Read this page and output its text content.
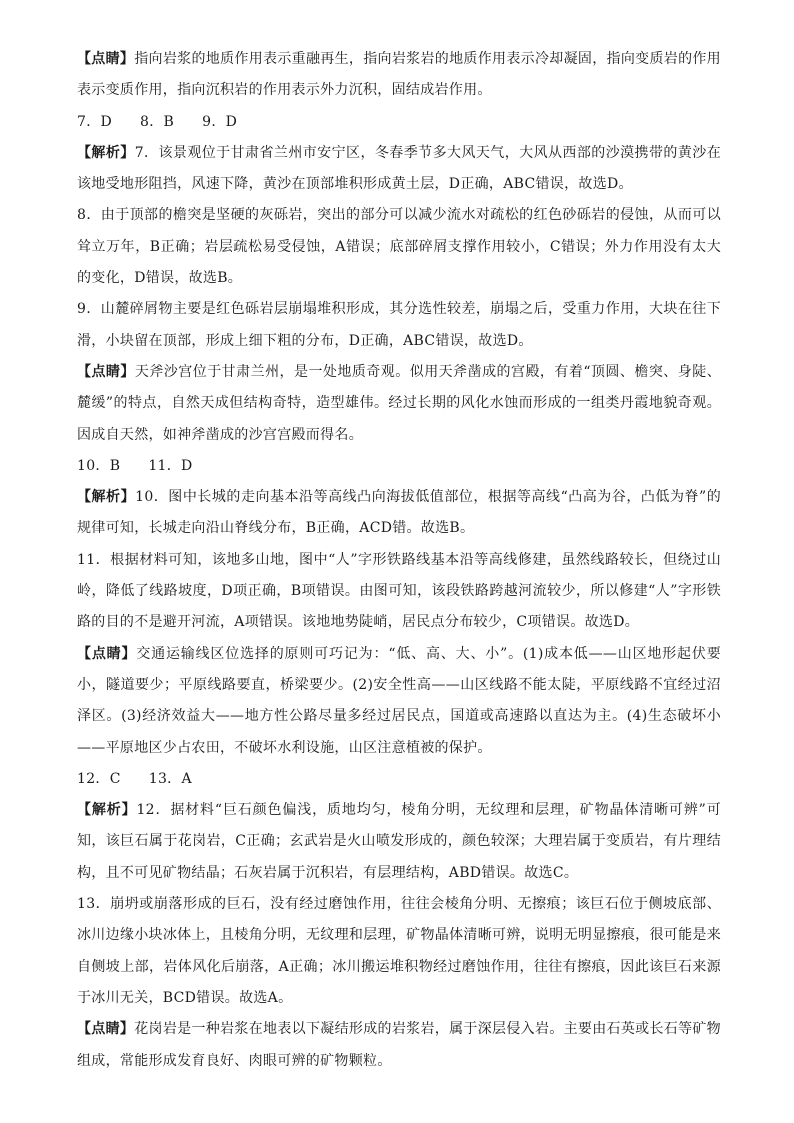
【点睛】指向岩浆的地质作用表示重融再生，指向岩浆岩的地质作用表示冷却凝固，指向变质岩的作用表示变质作用，指向沉积岩的作用表示外力沉积，固结成岩作用。

7．D 8．B 9．D

【解析】7．该景观位于甘肃省兰州市安宁区，冬春季节多大风天气，大风从西部的沙漠携带的黄沙在该地受地形阻挡，风速下降，黄沙在顶部堆积形成黄土层，D正确，ABC错误，故选D。

8．由于顶部的檐突是坚硬的灰砾岩，突出的部分可以减少流水对疏松的红色砂砾岩的侵蚀，从而可以耸立万年，B正确；岩层疏松易受侵蚀，A错误；底部碎屑支撑作用较小，C错误；外力作用没有太大的变化，D错误，故选B。

9．山麓碎屑物主要是红色砾岩层崩塌堆积形成，其分选性较差，崩塌之后，受重力作用，大块在往下滑，小块留在顶部，形成上细下粗的分布，D正确，ABC错误，故选D。

【点睛】天斧沙宫位于甘肃兰州，是一处地质奇观。似用天斧凿成的宫殿，有着“顶圆、檐突、身陡、麓缓”的特点，自然天成但结构奇特，造型雄伟。经过长期的风化水蚀而形成的一组类丹霞地貌奇观。因成自天然，如神斧凿成的沙宫宫殿而得名。

10．B 11．D

【解析】10．图中长城的走向基本沿等高线凸向海拔低值部位，根据等高线“凸高为谷，凸低为脊”的规律可知，长城走向沿山脊线分布，B正确，ACD错。故选B。

11．根据材料可知，该地多山地，图中“人”字形铁路线基本沿等高线修建，虽然线路较长，但绕过山岭，降低了线路坡度，D项正确，B项错误。由图可知，该段铁路跨越河流较少，所以修建“人”字形铁路的目的不是避开河流，A项错误。该地地势陡峭，居民点分布较少，C项错误。故选D。

【点睛】交通运输线区位选择的原则可巧记为：“低、高、大、小”。(1)成本低——山区地形起伏要小，隧道要少；平原线路要直，桥梁要少。(2)安全性高——山区线路不能太陡，平原线路不宜经过沼泽区。(3)经济效益大——地方性公路尽量多经过居民点，国道或高速路以直达为主。(4)生态破坏小——平原地区少占农田，不破坏水利设施，山区注意植被的保护。

12．C 13．A

【解析】12．据材料“巨石颜色偏浅，质地均匀，棱角分明，无纹理和层理，矿物晶体清晰可辨”可知，该巨石属于花岗岩，C正确；玄武岩是火山喷发形成的，颜色较深；大理岩属于变质岩，有片理结构，且不可见矿物结晶；石灰岩属于沉积岩，有层理结构，ABD错误。故选C。

13．崩坍或崩落形成的巨石，没有经过磨蚀作用，往往会棱角分明、无擦痕；该巨石位于侧坡底部、冰川边缘小块冰体上，且棱角分明，无纹理和层理，矿物晶体清晰可辨，说明无明显擦痕，很可能是来自侧坡上部，岩体风化后崩落，A正确；冰川搬运堆积物经过磨蚀作用，往往有擦痕，因此该巨石来源于冰川无关，BCD错误。故选A。

【点睛】花岗岩是一种岩浆在地表以下凝结形成的岩浆岩，属于深层侵入岩。主要由石英或长石等矿物组成，常能形成发育良好、肉眼可辨的矿物颗粒。
